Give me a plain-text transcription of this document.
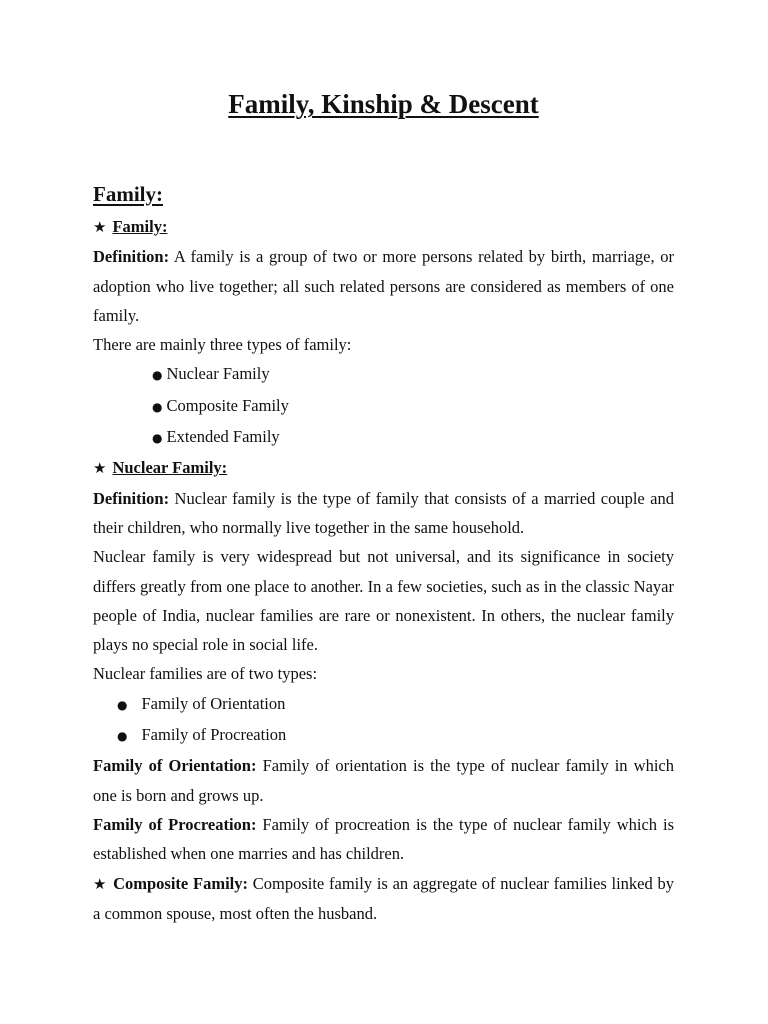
Family, Kinship & Descent
Family:

★ Family:

Definition: A family is a group of two or more persons related by birth, marriage, or adoption who live together; all such related persons are considered as members of one family.

There are mainly three types of family:

● Nuclear Family
● Composite Family
● Extended Family

★ Nuclear Family:

Definition: Nuclear family is the type of family that consists of a married couple and their children, who normally live together in the same household.

Nuclear family is very widespread but not universal, and its significance in society differs greatly from one place to another. In a few societies, such as in the classic Nayar people of India, nuclear families are rare or nonexistent. In others, the nuclear family plays no special role in social life.

Nuclear families are of two types:

● Family of Orientation
● Family of Procreation

Family of Orientation: Family of orientation is the type of nuclear family in which one is born and grows up.

Family of Procreation: Family of procreation is the type of nuclear family which is established when one marries and has children.

★ Composite Family: Composite family is an aggregate of nuclear families linked by a common spouse, most often the husband.
